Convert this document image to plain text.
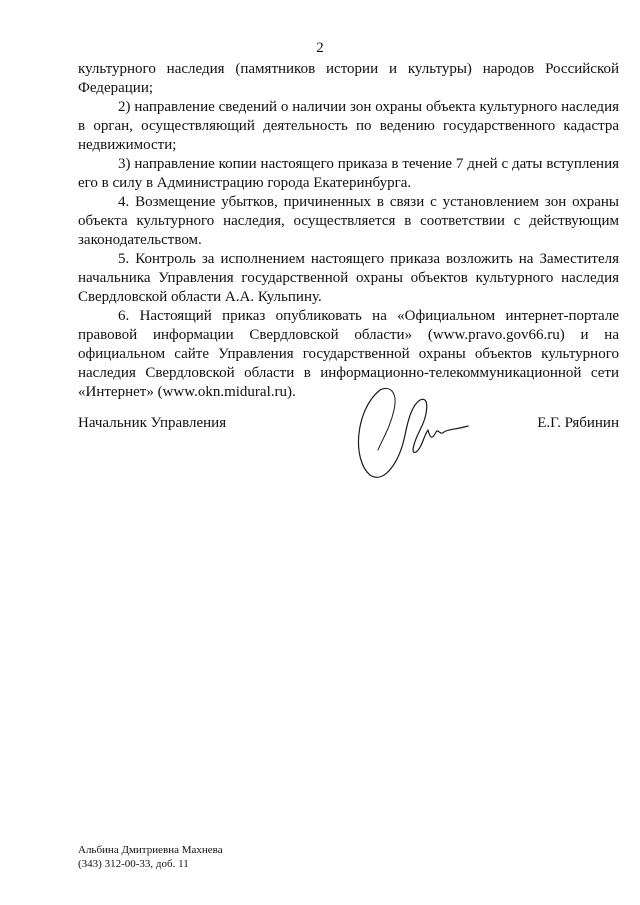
2

культурного наследия (памятников истории и культуры) народов Российской Федерации;

2) направление сведений о наличии зон охраны объекта культурного наследия в орган, осуществляющий деятельность по ведению государственного кадастра недвижимости;

3) направление копии настоящего приказа в течение 7 дней с даты вступления его в силу в Администрацию города Екатеринбурга.

4. Возмещение убытков, причиненных в связи с установлением зон охраны объекта культурного наследия, осуществляется в соответствии с действующим законодательством.

5. Контроль за исполнением настоящего приказа возложить на Заместителя начальника Управления государственной охраны объектов культурного наследия Свердловской области А.А. Кульпину.

6. Настоящий приказ опубликовать на «Официальном интернет-портале правовой информации Свердловской области» (www.pravo.gov66.ru) и на официальном сайте Управления государственной охраны объектов культурного наследия Свердловской области в информационно-телекоммуникационной сети «Интернет» (www.okn.midural.ru).

Начальник Управления	Е.Г. Рябинин
Альбина Дмитриевна Махнева
(343) 312-00-33, доб. 11
